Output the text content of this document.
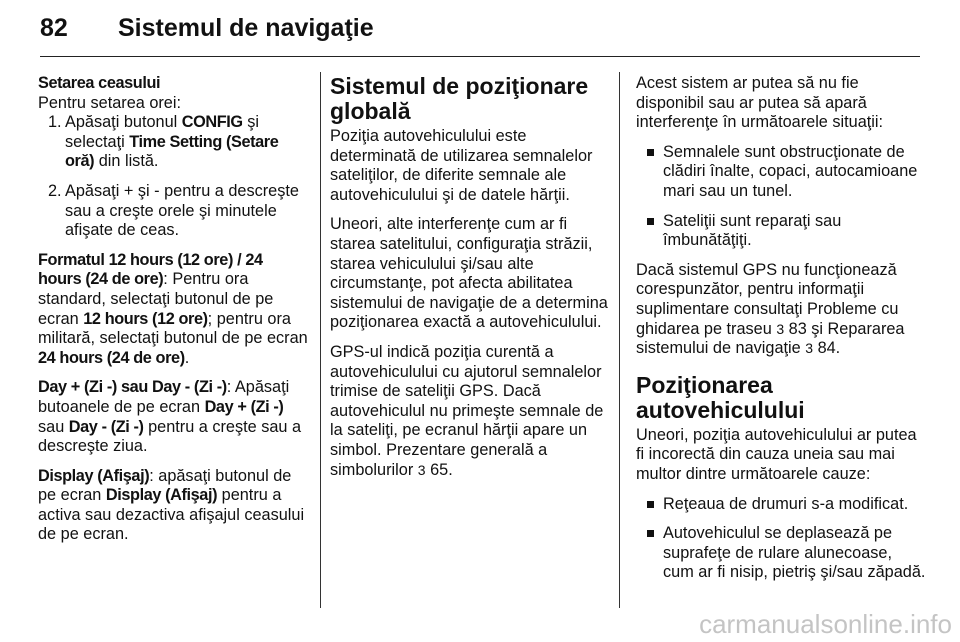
82 Sistemul de navigaţie

Setarea ceasului

Pentru setarea orei:

1. Apăsaţi butonul CONFIG şi selectaţi Time Setting (Setare oră) din listă.
2. Apăsaţi + şi - pentru a descreşte sau a creşte orele şi minutele afişate de ceas.

Formatul 12 hours (12 ore) / 24 hours (24 de ore): Pentru ora standard, selectaţi butonul de pe ecran 12 hours (12 ore); pentru ora militară, selectaţi butonul de pe ecran 24 hours (24 de ore).

Day + (Zi -) sau Day - (Zi -): Apăsaţi butoanele de pe ecran Day + (Zi -) sau Day - (Zi -) pentru a creşte sau a descreşte ziua.

Display (Afişaj): apăsaţi butonul de pe ecran Display (Afişaj) pentru a activa sau dezactiva afişajul ceasului de pe ecran.

Sistemul de poziţionare globală

Poziţia autovehiculului este determinată de utilizarea semnalelor sateliţilor, de diferite semnale ale autovehiculului şi de datele hărţii.

Uneori, alte interferenţe cum ar fi starea satelitului, configuraţia străzii, starea vehiculului şi/sau alte circumstanţe, pot afecta abilitatea sistemului de navigaţie de a determina poziţionarea exactă a autovehiculului.

GPS-ul indică poziţia curentă a autovehiculului cu ajutorul semnalelor trimise de sateliţii GPS. Dacă autovehiculul nu primeşte semnale de la sateliţi, pe ecranul hărţii apare un simbol. Prezentare generală a simbolurilor 3 65.

Acest sistem ar putea să nu fie disponibil sau ar putea să apară interferenţe în următoarele situaţii:

Semnalele sunt obstrucţionate de clădiri înalte, copaci, autocamioane mari sau un tunel.
Sateliţii sunt reparaţi sau îmbunătăţiţi.

Dacă sistemul GPS nu funcţionează corespunzător, pentru informaţii suplimentare consultaţi Probleme cu ghidarea pe traseu 3 83 şi Repararea sistemului de navigaţie 3 84.

Poziţionarea autovehiculului

Uneori, poziţia autovehiculului ar putea fi incorectă din cauza uneia sau mai multor dintre următoarele cauze:

Reţeaua de drumuri s-a modificat.
Autovehiculul se deplasează pe suprafeţe de rulare alunecoase, cum ar fi nisip, pietriş şi/sau zăpadă.
carmanualsonline.info
